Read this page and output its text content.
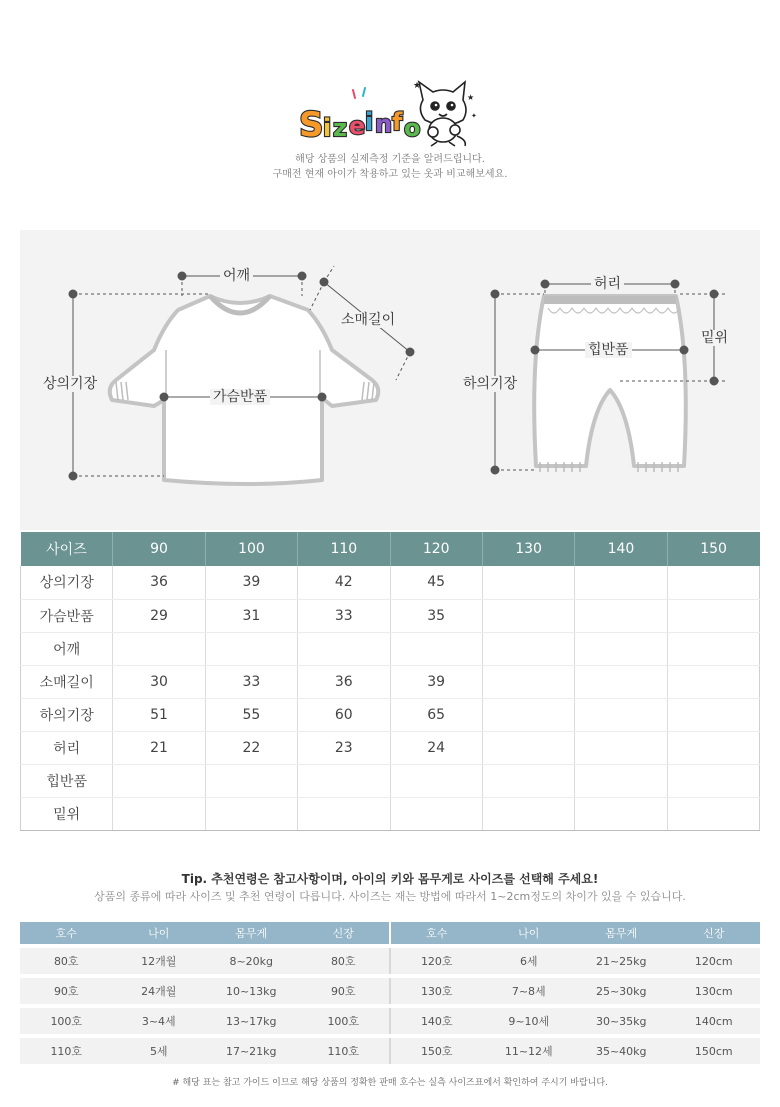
★
★
✦
S i z e i n f o
해당 상품의 실제측정 기준을 알려드립니다.
구매전 현재 아이가 착용하고 있는 옷과 비교해보세요.
어깨
소매길이
상의기장
가슴반품
허리
밑위
힙반품
하의기장
사이즈	90	100	110	120	130	140	150
상의기장	36	39	42	45			
가슴반품	29	31	33	35			
어깨							
소매길이	30	33	36	39			
하의기장	51	55	60	65			
허리	21	22	23	24			
힙반품							
밑위							
Tip. 추천연령은 참고사항이며, 아이의 키와 몸무게로 사이즈를 선택해 주세요!
상품의 종류에 따라 사이즈 및 추천 연령이 다릅니다. 사이즈는 재는 방법에 따라서 1~2cm정도의 차이가 있을 수 있습니다.
호수	나이	몸무게	신장	호수	나이	몸무게	신장
80호	12개월	8~20kg	80호	120호	6세	21~25kg	120cm
90호	24개월	10~13kg	90호	130호	7~8세	25~30kg	130cm
100호	3~4세	13~17kg	100호	140호	9~10세	30~35kg	140cm
110호	5세	17~21kg	110호	150호	11~12세	35~40kg	150cm
# 해당 표는 참고 가이드 이므로 해당 상품의 정확한 판매 호수는 실측 사이즈표에서 확인하여 주시기 바랍니다.
